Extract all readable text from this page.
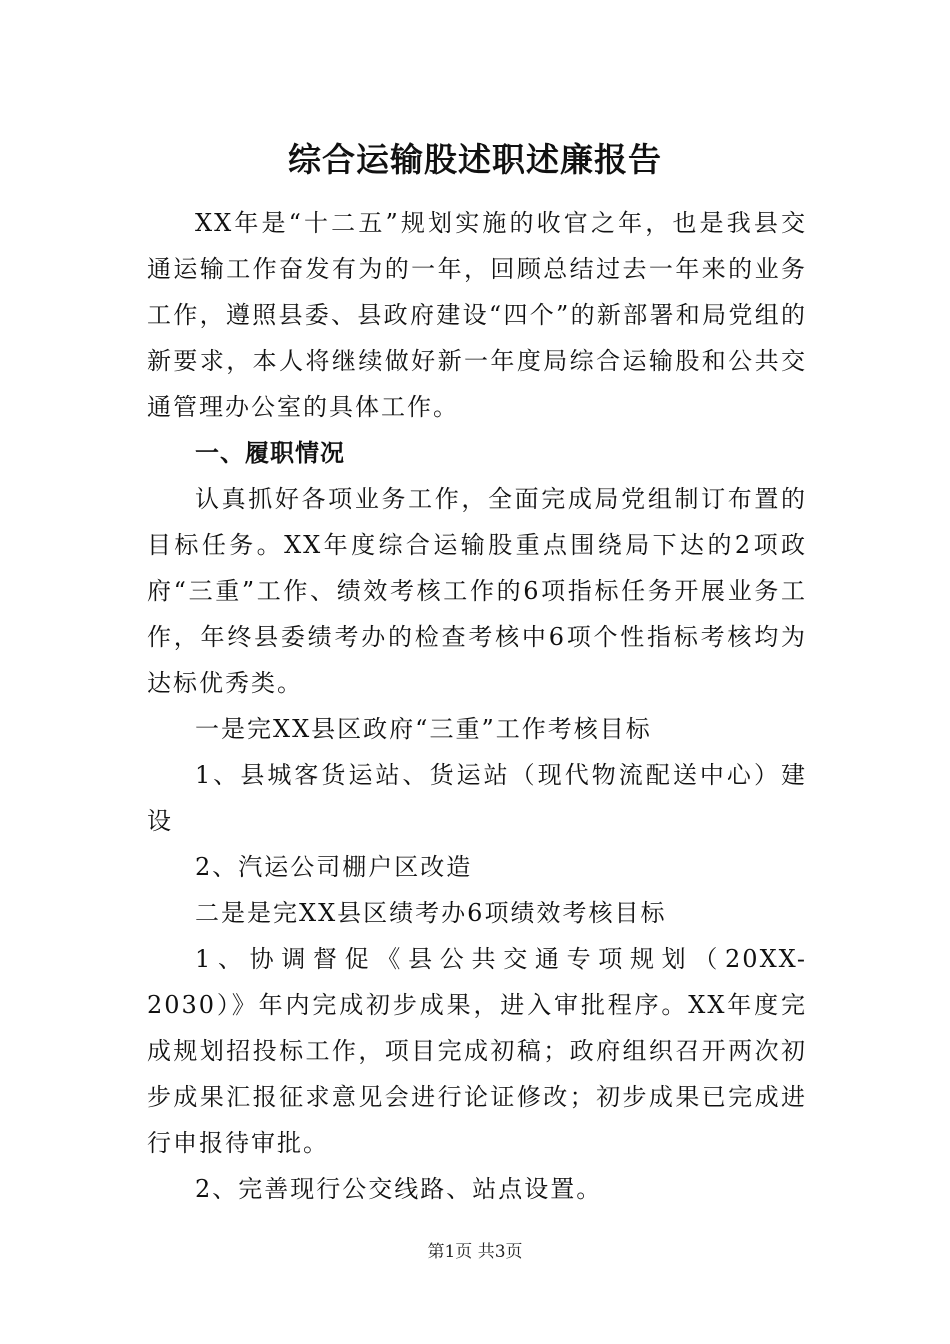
综合运输股述职述廉报告

XX年是“十二五”规划实施的收官之年，也是我县交通运输工作奋发有为的一年，回顾总结过去一年来的业务工作，遵照县委、县政府建设“四个”的新部署和局党组的新要求，本人将继续做好新一年度局综合运输股和公共交通管理办公室的具体工作。

一、履职情况

认真抓好各项业务工作，全面完成局党组制订布置的目标任务。XX年度综合运输股重点围绕局下达的2项政府“三重”工作、绩效考核工作的6项指标任务开展业务工作，年终县委绩考办的检查考核中6项个性指标考核均为达标优秀类。

一是完XX县区政府“三重”工作考核目标

1、县城客货运站、货运站（现代物流配送中心）建设

2、汽运公司棚户区改造

二是是完XX县区绩考办6项绩效考核目标

1、协调督促《县公共交通专项规划（20XX-2030）》年内完成初步成果，进入审批程序。XX年度完成规划招投标工作，项目完成初稿；政府组织召开两次初步成果汇报征求意见会进行论证修改；初步成果已完成进行申报待审批。

2、完善现行公交线路、站点设置。

第1页 共3页
